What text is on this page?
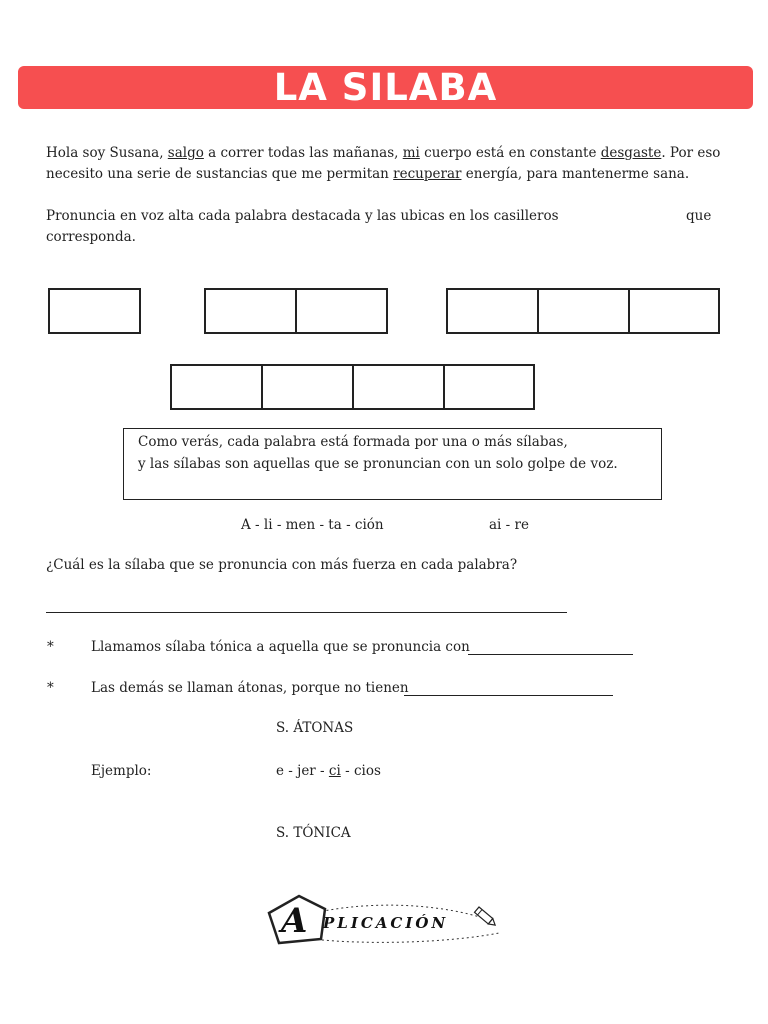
LA SILABA
Hola soy Susana, salgo a correr todas las mañanas, mi cuerpo está en constante desgaste. Por eso
necesito una serie de sustancias que me permitan recuperar energía, para mantenerme sana.
Pronuncia en voz alta cada palabra destacada y las ubicas en los casilleros	que
corresponda.
Como verás, cada palabra está formada por una o más sílabas,
y las sílabas son aquellas que se pronuncian con un solo golpe de voz.
A - li - men - ta - ción	ai - re
¿Cuál es la sílaba que se pronuncia con más fuerza en cada palabra?
*	Llamamos sílaba tónica a aquella que se pronuncia con
*	Las demás se llaman átonas, porque no tienen
S. ÁTONAS
Ejemplo:	e - jer - ci - cios
S. TÓNICA
A PLICACIÓN
